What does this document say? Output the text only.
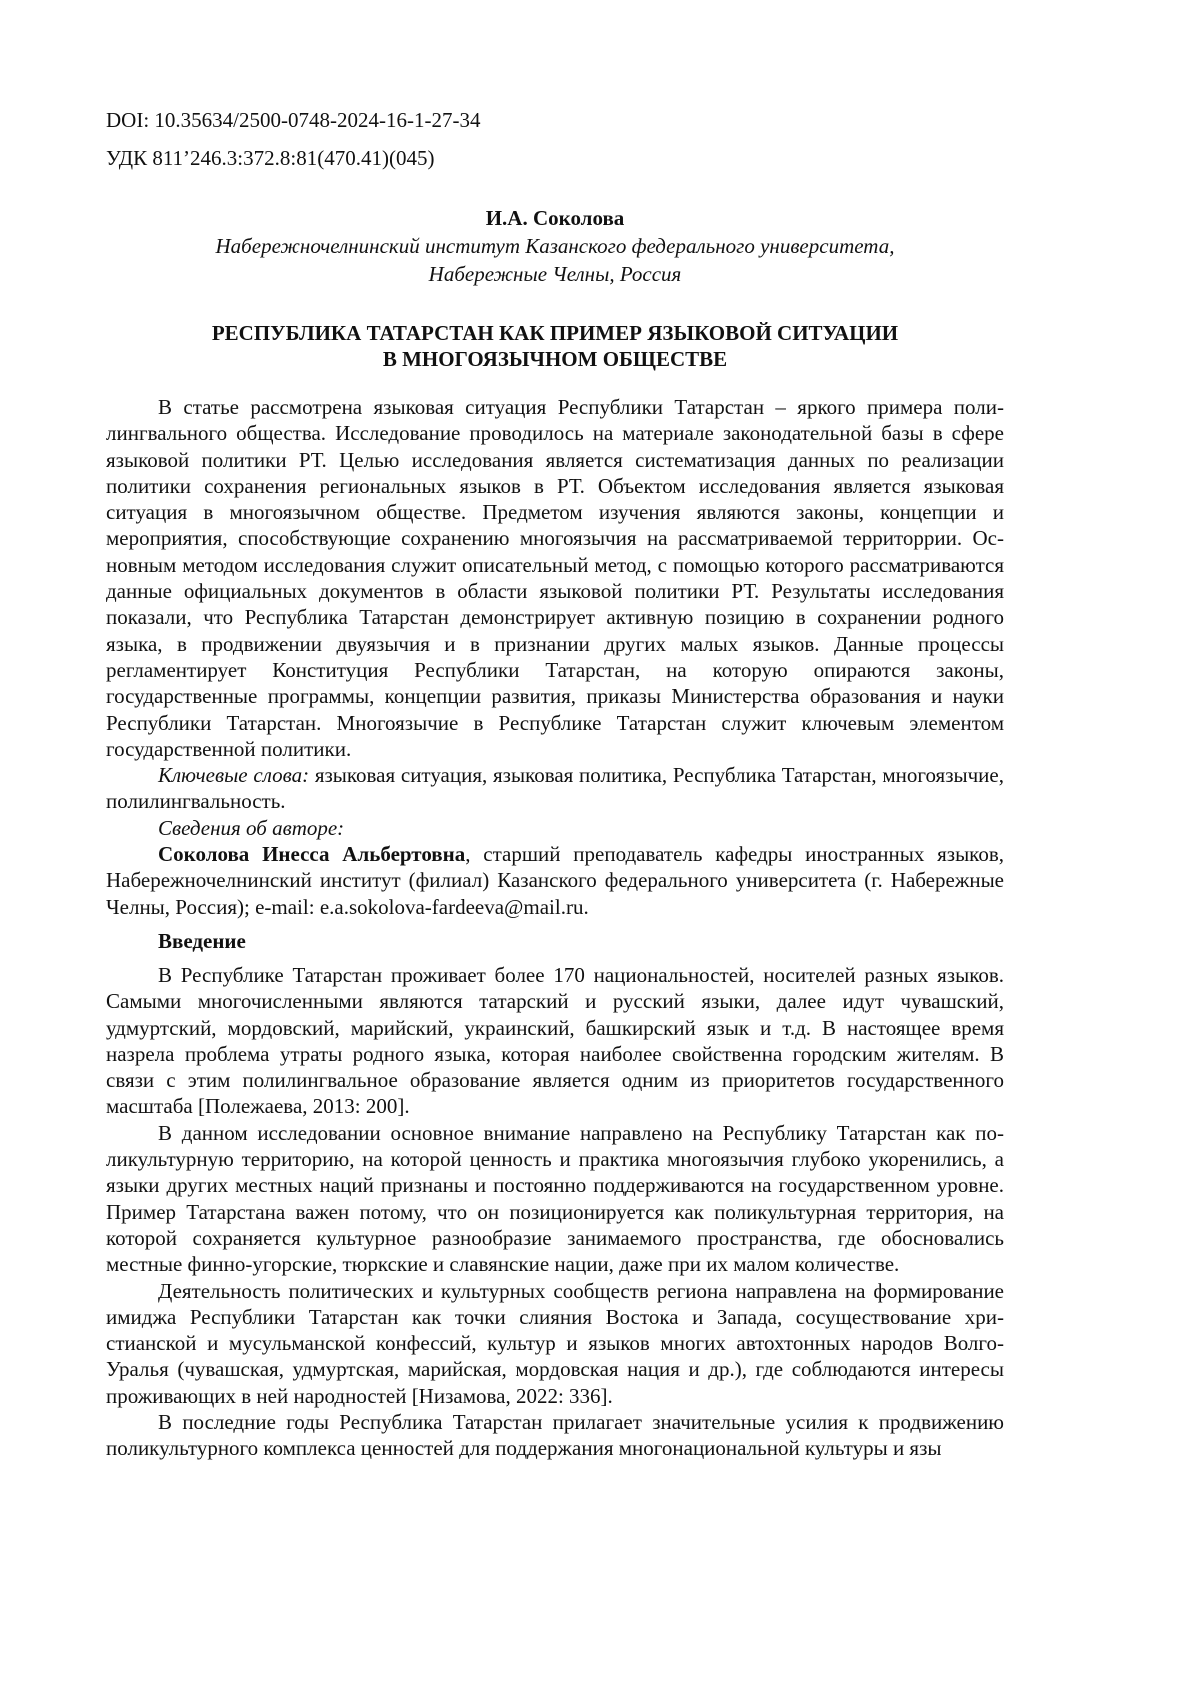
DOI: 10.35634/2500-0748-2024-16-1-27-34

УДК 811’246.3:372.8:81(470.41)(045)

И.А. Соколова
Набережночелнинский институт Казанского федерального университета,
Набережные Челны, Россия
РЕСПУБЛИКА ТАТАРСТАН КАК ПРИМЕР ЯЗЫКОВОЙ СИТУАЦИИ
В МНОГОЯЗЫЧНОМ ОБЩЕСТВЕ

В статье рассмотрена языковая ситуация Республики Татарстан – яркого примера полилингвального общества. Исследование проводилось на материале законодательной базы в сфере языковой политики РТ. Целью исследования является систематизация данных по реализации политики сохранения региональных языков в РТ. Объектом исследования является языковая ситуация в многоязычном обществе. Предметом изучения являются законы, концепции и мероприятия, способствующие сохранению многоязычия на рассматриваемой территоррии. Основным методом исследования служит описательный метод, с помощью которого рассматриваются данные официальных документов в области языковой политики РТ. Результаты исследования показали, что Республика Татарстан демонстрирует активную позицию в сохранении родного языка, в продвижении двуязычия и в признании других малых языков. Данные процессы регламентирует Конституция Республики Татарстан, на которую опираются законы, государственные программы, концепции развития, приказы Министерства образования и науки Республики Татарстан. Многоязычие в Республике Татарстан служит ключевым элементом государственной политики.

Ключевые слова: языковая ситуация, языковая политика, Республика Татарстан, многоязычие, полилингвальность.

Сведения об авторе:

Соколова Инесса Альбертовна, старший преподаватель кафедры иностранных языков, Набережночелнинский институт (филиал) Казанского федерального университета (г. Набережные Челны, Россия); e-mail: e.a.sokolova-fardeeva@mail.ru.

Введение

В Республике Татарстан проживает более 170 национальностей, носителей разных языков. Самыми многочисленными являются татарский и русский языки, далее идут чувашский, удмуртский, мордовский, марийский, украинский, башкирский язык и т.д. В настоящее время назрела проблема утраты родного языка, которая наиболее свойственна городским жителям. В связи с этим полилингвальное образование является одним из приоритетов государственного масштаба [Полежаева, 2013: 200].

В данном исследовании основное внимание направлено на Республику Татарстан как поликультурную территорию, на которой ценность и практика многоязычия глубоко укоренились, а языки других местных наций признаны и постоянно поддерживаются на государственном уровне. Пример Татарстана важен потому, что он позиционируется как поликультурная территория, на которой сохраняется культурное разнообразие занимаемого пространства, где обосновались местные финно-угорские, тюркские и славянские нации, даже при их малом количестве.

Деятельность политических и культурных сообществ региона направлена на формирование имиджа Республики Татарстан как точки слияния Востока и Запада, сосуществование христианской и мусульманской конфессий, культур и языков многих автохтонных народов Волго-Уралья (чувашская, удмуртская, марийская, мордовская нация и др.), где соблюдаются интересы проживающих в ней народностей [Низамова, 2022: 336].

В последние годы Республика Татарстан прилагает значительные усилия к продвижению поликультурного комплекса ценностей для поддержания многонациональной культуры и язы
